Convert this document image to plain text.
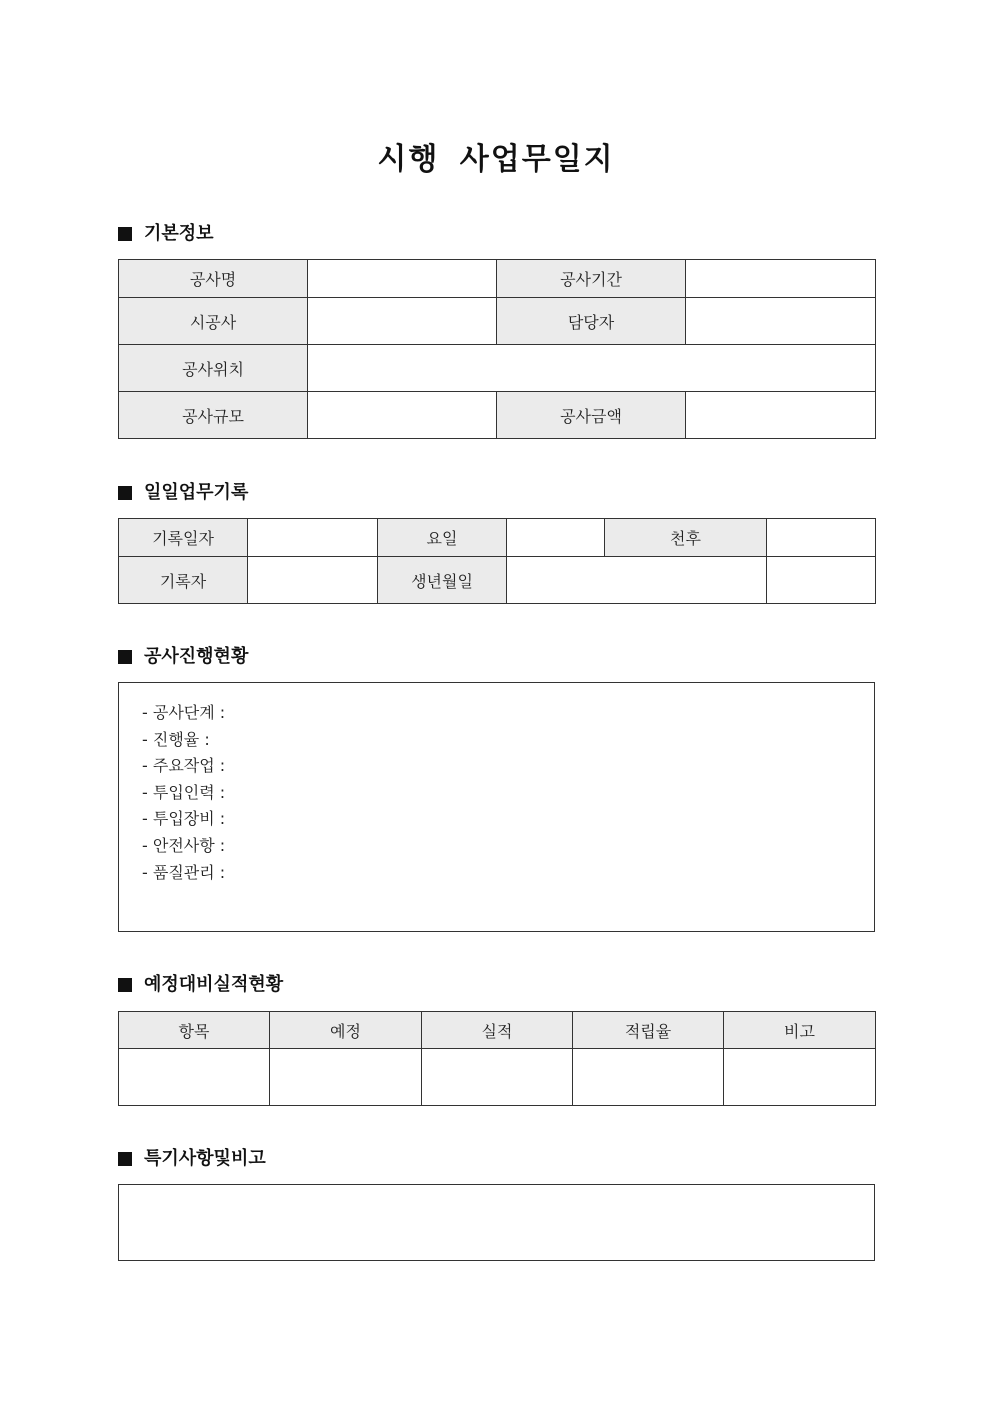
시행 사업무일지
기본정보
공사명		공사기간	
시공사		담당자	
공사위치			
공사규모		공사금액	
일일업무기록
기록일자		요일		천후	
기록자		생년월일			
공사진행현황
- 공사단계 :
- 진행율 :
- 주요작업 :
- 투입인력 :
- 투입장비 :
- 안전사항 :
- 품질관리 :
예정대비실적현황
항목	예정	실적	적립율	비고

특기사항및비고
